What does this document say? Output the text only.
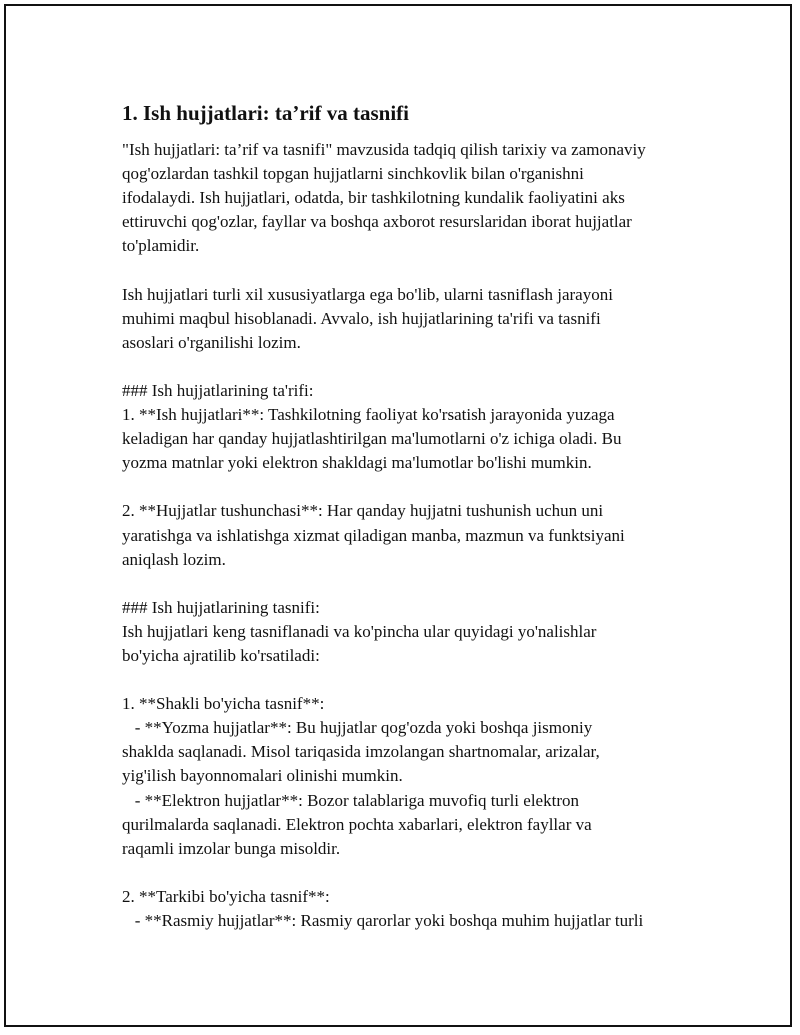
1. Ish hujjatlari: ta’rif va tasnifi
"Ish hujjatlari: ta’rif va tasnifi" mavzusida tadqiq qilish tarixiy va zamonaviy
qog'ozlardan tashkil topgan hujjatlarni sinchkovlik bilan o'rganishni
ifodalaydi. Ish hujjatlari, odatda, bir tashkilotning kundalik faoliyatini aks
ettiruvchi qog'ozlar, fayllar va boshqa axborot resurslaridan iborat hujjatlar
to'plamidir.
Ish hujjatlari turli xil xususiyatlarga ega bo'lib, ularni tasniflash jarayoni
muhimi maqbul hisoblanadi. Avvalo, ish hujjatlarining ta'rifi va tasnifi
asoslari o'rganilishi lozim.
### Ish hujjatlarining ta'rifi:
1. **Ish hujjatlari**: Tashkilotning faoliyat ko'rsatish jarayonida yuzaga
keladigan har qanday hujjatlashtirilgan ma'lumotlarni o'z ichiga oladi. Bu
yozma matnlar yoki elektron shakldagi ma'lumotlar bo'lishi mumkin.
2. **Hujjatlar tushunchasi**: Har qanday hujjatni tushunish uchun uni
yaratishga va ishlatishga xizmat qiladigan manba, mazmun va funktsiyani
aniqlash lozim.
### Ish hujjatlarining tasnifi:
Ish hujjatlari keng tasniflanadi va ko'pincha ular quyidagi yo'nalishlar
bo'yicha ajratilib ko'rsatiladi:
1. **Shakli bo'yicha tasnif**:
- **Yozma hujjatlar**: Bu hujjatlar qog'ozda yoki boshqa jismoniy
shaklda saqlanadi. Misol tariqasida imzolangan shartnomalar, arizalar,
yig'ilish bayonnomalari olinishi mumkin.
- **Elektron hujjatlar**: Bozor talablariga muvofiq turli elektron
qurilmalarda saqlanadi. Elektron pochta xabarlari, elektron fayllar va
raqamli imzolar bunga misoldir.
2. **Tarkibi bo'yicha tasnif**:
- **Rasmiy hujjatlar**: Rasmiy qarorlar yoki boshqa muhim hujjatlar turli
